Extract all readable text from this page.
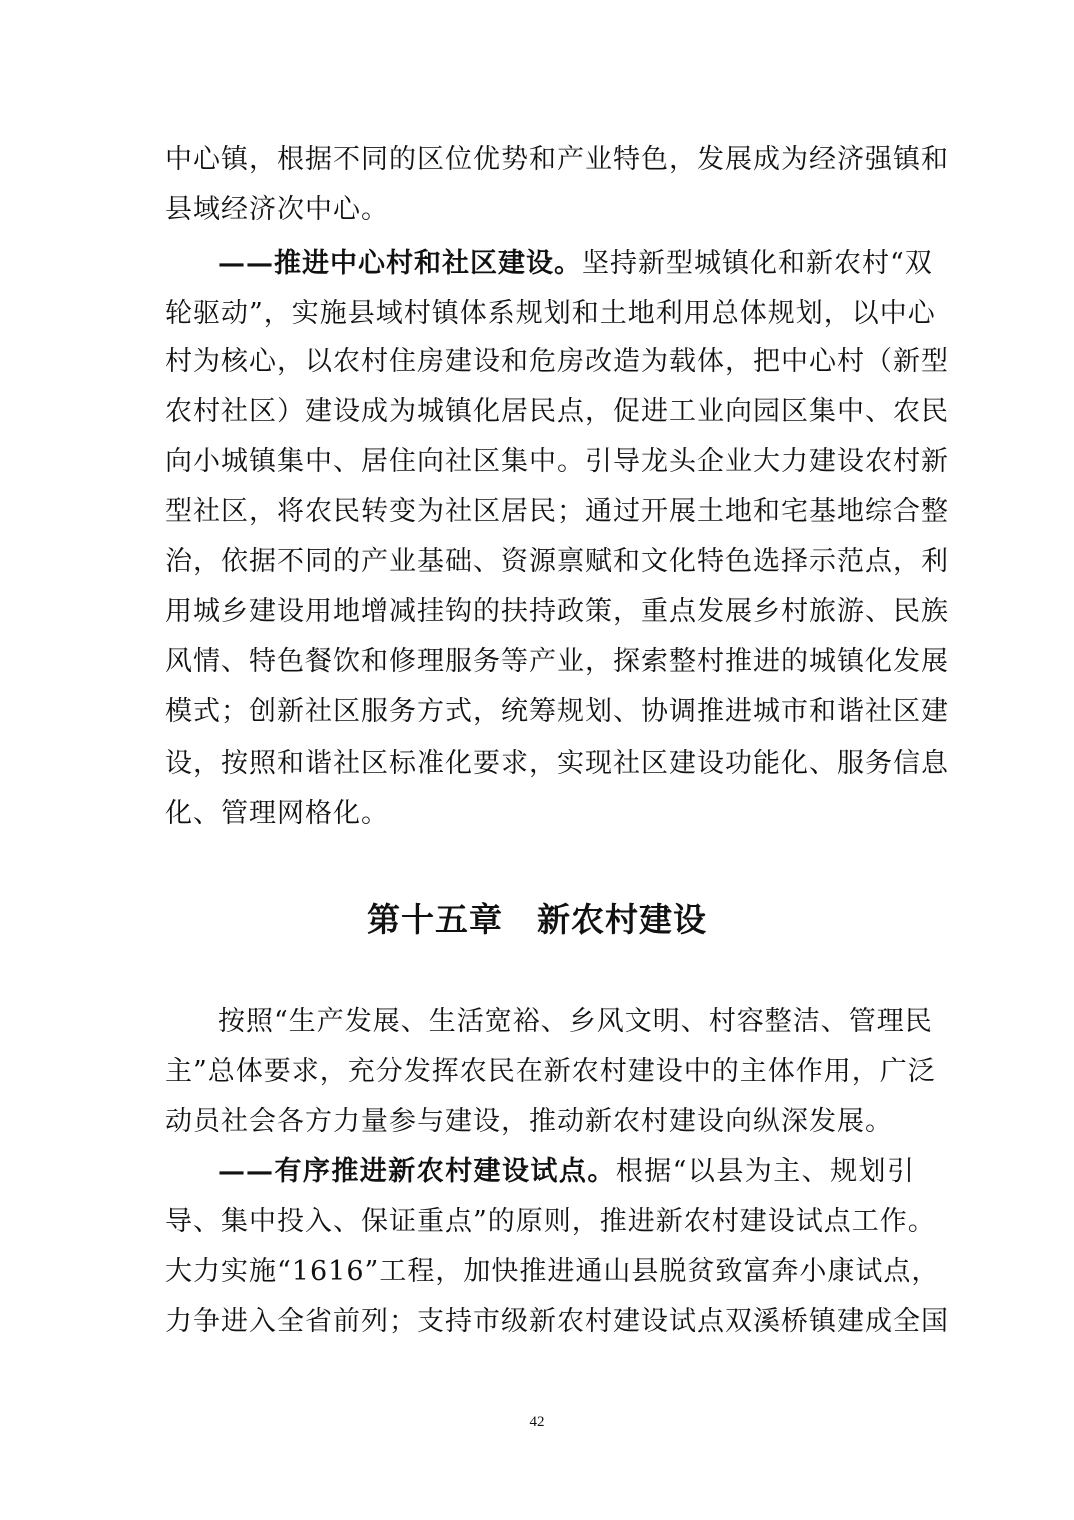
中心镇，根据不同的区位优势和产业特色，发展成为经济强镇和
县域经济次中心。
——推进中心村和社区建设。坚持新型城镇化和新农村“双
轮驱动”，实施县域村镇体系规划和土地利用总体规划，以中心
村为核心，以农村住房建设和危房改造为载体，把中心村（新型
农村社区）建设成为城镇化居民点，促进工业向园区集中、农民
向小城镇集中、居住向社区集中。引导龙头企业大力建设农村新
型社区，将农民转变为社区居民；通过开展土地和宅基地综合整
治，依据不同的产业基础、资源禀赋和文化特色选择示范点，利
用城乡建设用地增减挂钩的扶持政策，重点发展乡村旅游、民族
风情、特色餐饮和修理服务等产业，探索整村推进的城镇化发展
模式；创新社区服务方式，统筹规划、协调推进城市和谐社区建
设，按照和谐社区标准化要求，实现社区建设功能化、服务信息
化、管理网格化。
第十五章　新农村建设
按照“生产发展、生活宽裕、乡风文明、村容整洁、管理民
主”总体要求，充分发挥农民在新农村建设中的主体作用，广泛
动员社会各方力量参与建设，推动新农村建设向纵深发展。
——有序推进新农村建设试点。根据“以县为主、规划引
导、集中投入、保证重点”的原则，推进新农村建设试点工作。
大力实施“1616”工程，加快推进通山县脱贫致富奔小康试点，
力争进入全省前列；支持市级新农村建设试点双溪桥镇建成全国
42
